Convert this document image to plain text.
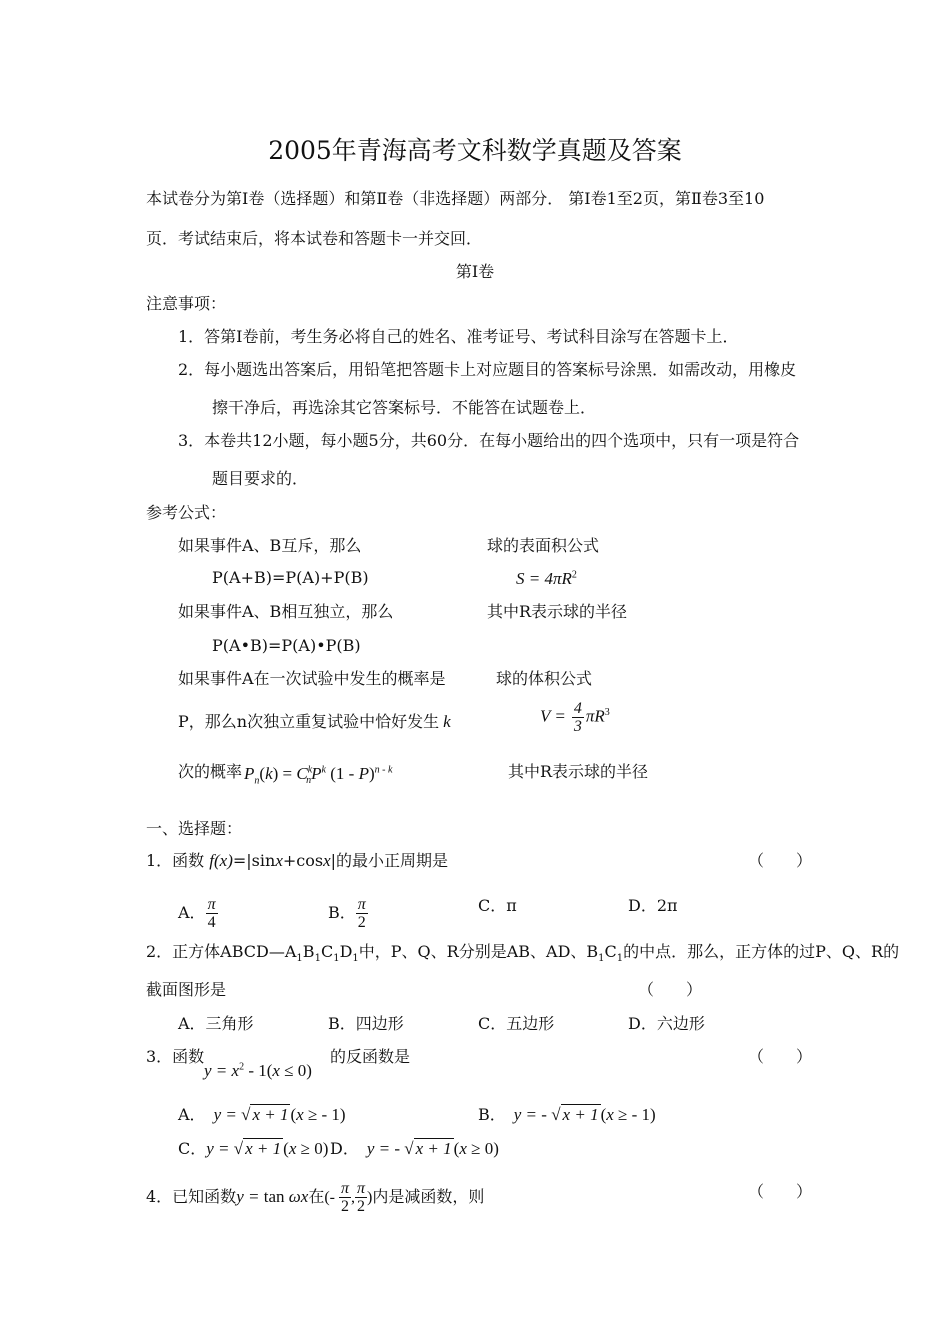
2005年青海高考文科数学真题及答案
本试卷分为第Ⅰ卷（选择题）和第Ⅱ卷（非选择题）两部分． 第Ⅰ卷1至2页，第Ⅱ卷3至10
页．考试结束后，将本试卷和答题卡一并交回．
第Ⅰ卷
注意事项：
1．答第Ⅰ卷前，考生务必将自己的姓名、准考证号、考试科目涂写在答题卡上．
2．每小题选出答案后，用铅笔把答题卡上对应题目的答案标号涂黑．如需改动，用橡皮
擦干净后，再选涂其它答案标号．不能答在试题卷上．
3．本卷共12小题，每小题5分，共60分．在每小题给出的四个选项中，只有一项是符合
题目要求的．
参考公式：
如果事件A、B互斥，那么
P(A+B)=P(A)+P(B)
如果事件A、B相互独立，那么
P(A•B)=P(A)•P(B)
球的表面积公式
$S = 4\pi R^2$
其中R表示球的半径
如果事件A在一次试验中发生的概率是	球的体积公式
P，那么n次独立重复试验中恰好发生 k	$V = \frac{4}{3} \pi R^3$
次的概率 $P_n(k) = C^k_nP^k$ (1 - P)$^{n - k}$	其中R表示球的半径
一、选择题：
1．函数 f(x)=|sinx+cosx|的最小正周期是	（　　）
A． $\frac{\pi}{4}$	B． $\frac{\pi}{2}$	C．π	D．2π
2．正方体$ABCD—A_1B_1C_1D_1$中，P、Q、R分别是AB、AD、$B_1C_1$的中点．那么，正方体的过P、Q、R的
截面图形是	（　　）
A．三角形	B．四边形	C．五边形	D．六边形
3．函数
$y = x^2 - 1(x \le 0)$
的反函数是	（　　）
A． y = √ x + 1 (x ≥ - 1)	B． y = - √ x + 1 (x ≥ - 1)
C．y = √ x + 1 (x ≥ 0) D． y = - √ x + 1 (x ≥ 0)
4．已知函数y = tan ωx在(- $\frac{\pi}{2}$ , $\frac{\pi}{2}$ )内是减函数，则	（　　）
